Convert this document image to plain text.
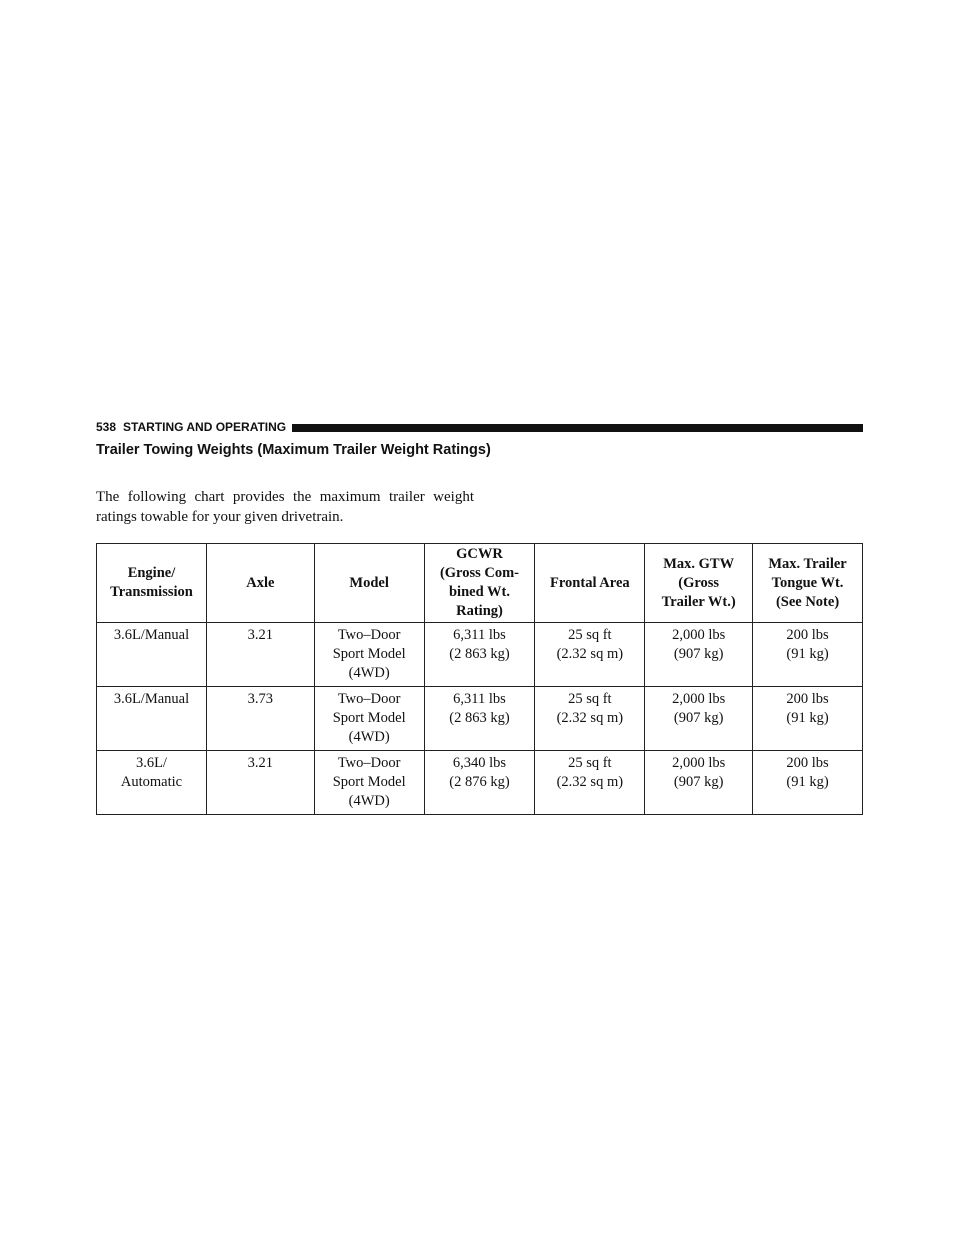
538 STARTING AND OPERATING
Trailer Towing Weights (Maximum Trailer Weight Ratings)
The following chart provides the maximum trailer weight ratings towable for your given drivetrain.
Engine/
Transmission	Axle	Model	GCWR
(Gross Com-
bined Wt.
Rating)	Frontal Area	Max. GTW
(Gross
Trailer Wt.)	Max. Trailer
Tongue Wt.
(See Note)

3.6L/Manual	3.21	Two–Door
Sport Model
(4WD)	6,311 lbs
(2 863 kg)	25 sq ft
(2.32 sq m)	2,000 lbs
(907 kg)	200 lbs
(91 kg)

3.6L/Manual	3.73	Two–Door
Sport Model
(4WD)	6,311 lbs
(2 863 kg)	25 sq ft
(2.32 sq m)	2,000 lbs
(907 kg)	200 lbs
(91 kg)

3.6L/
Automatic	3.21	Two–Door
Sport Model
(4WD)	6,340 lbs
(2 876 kg)	25 sq ft
(2.32 sq m)	2,000 lbs
(907 kg)	200 lbs
(91 kg)
